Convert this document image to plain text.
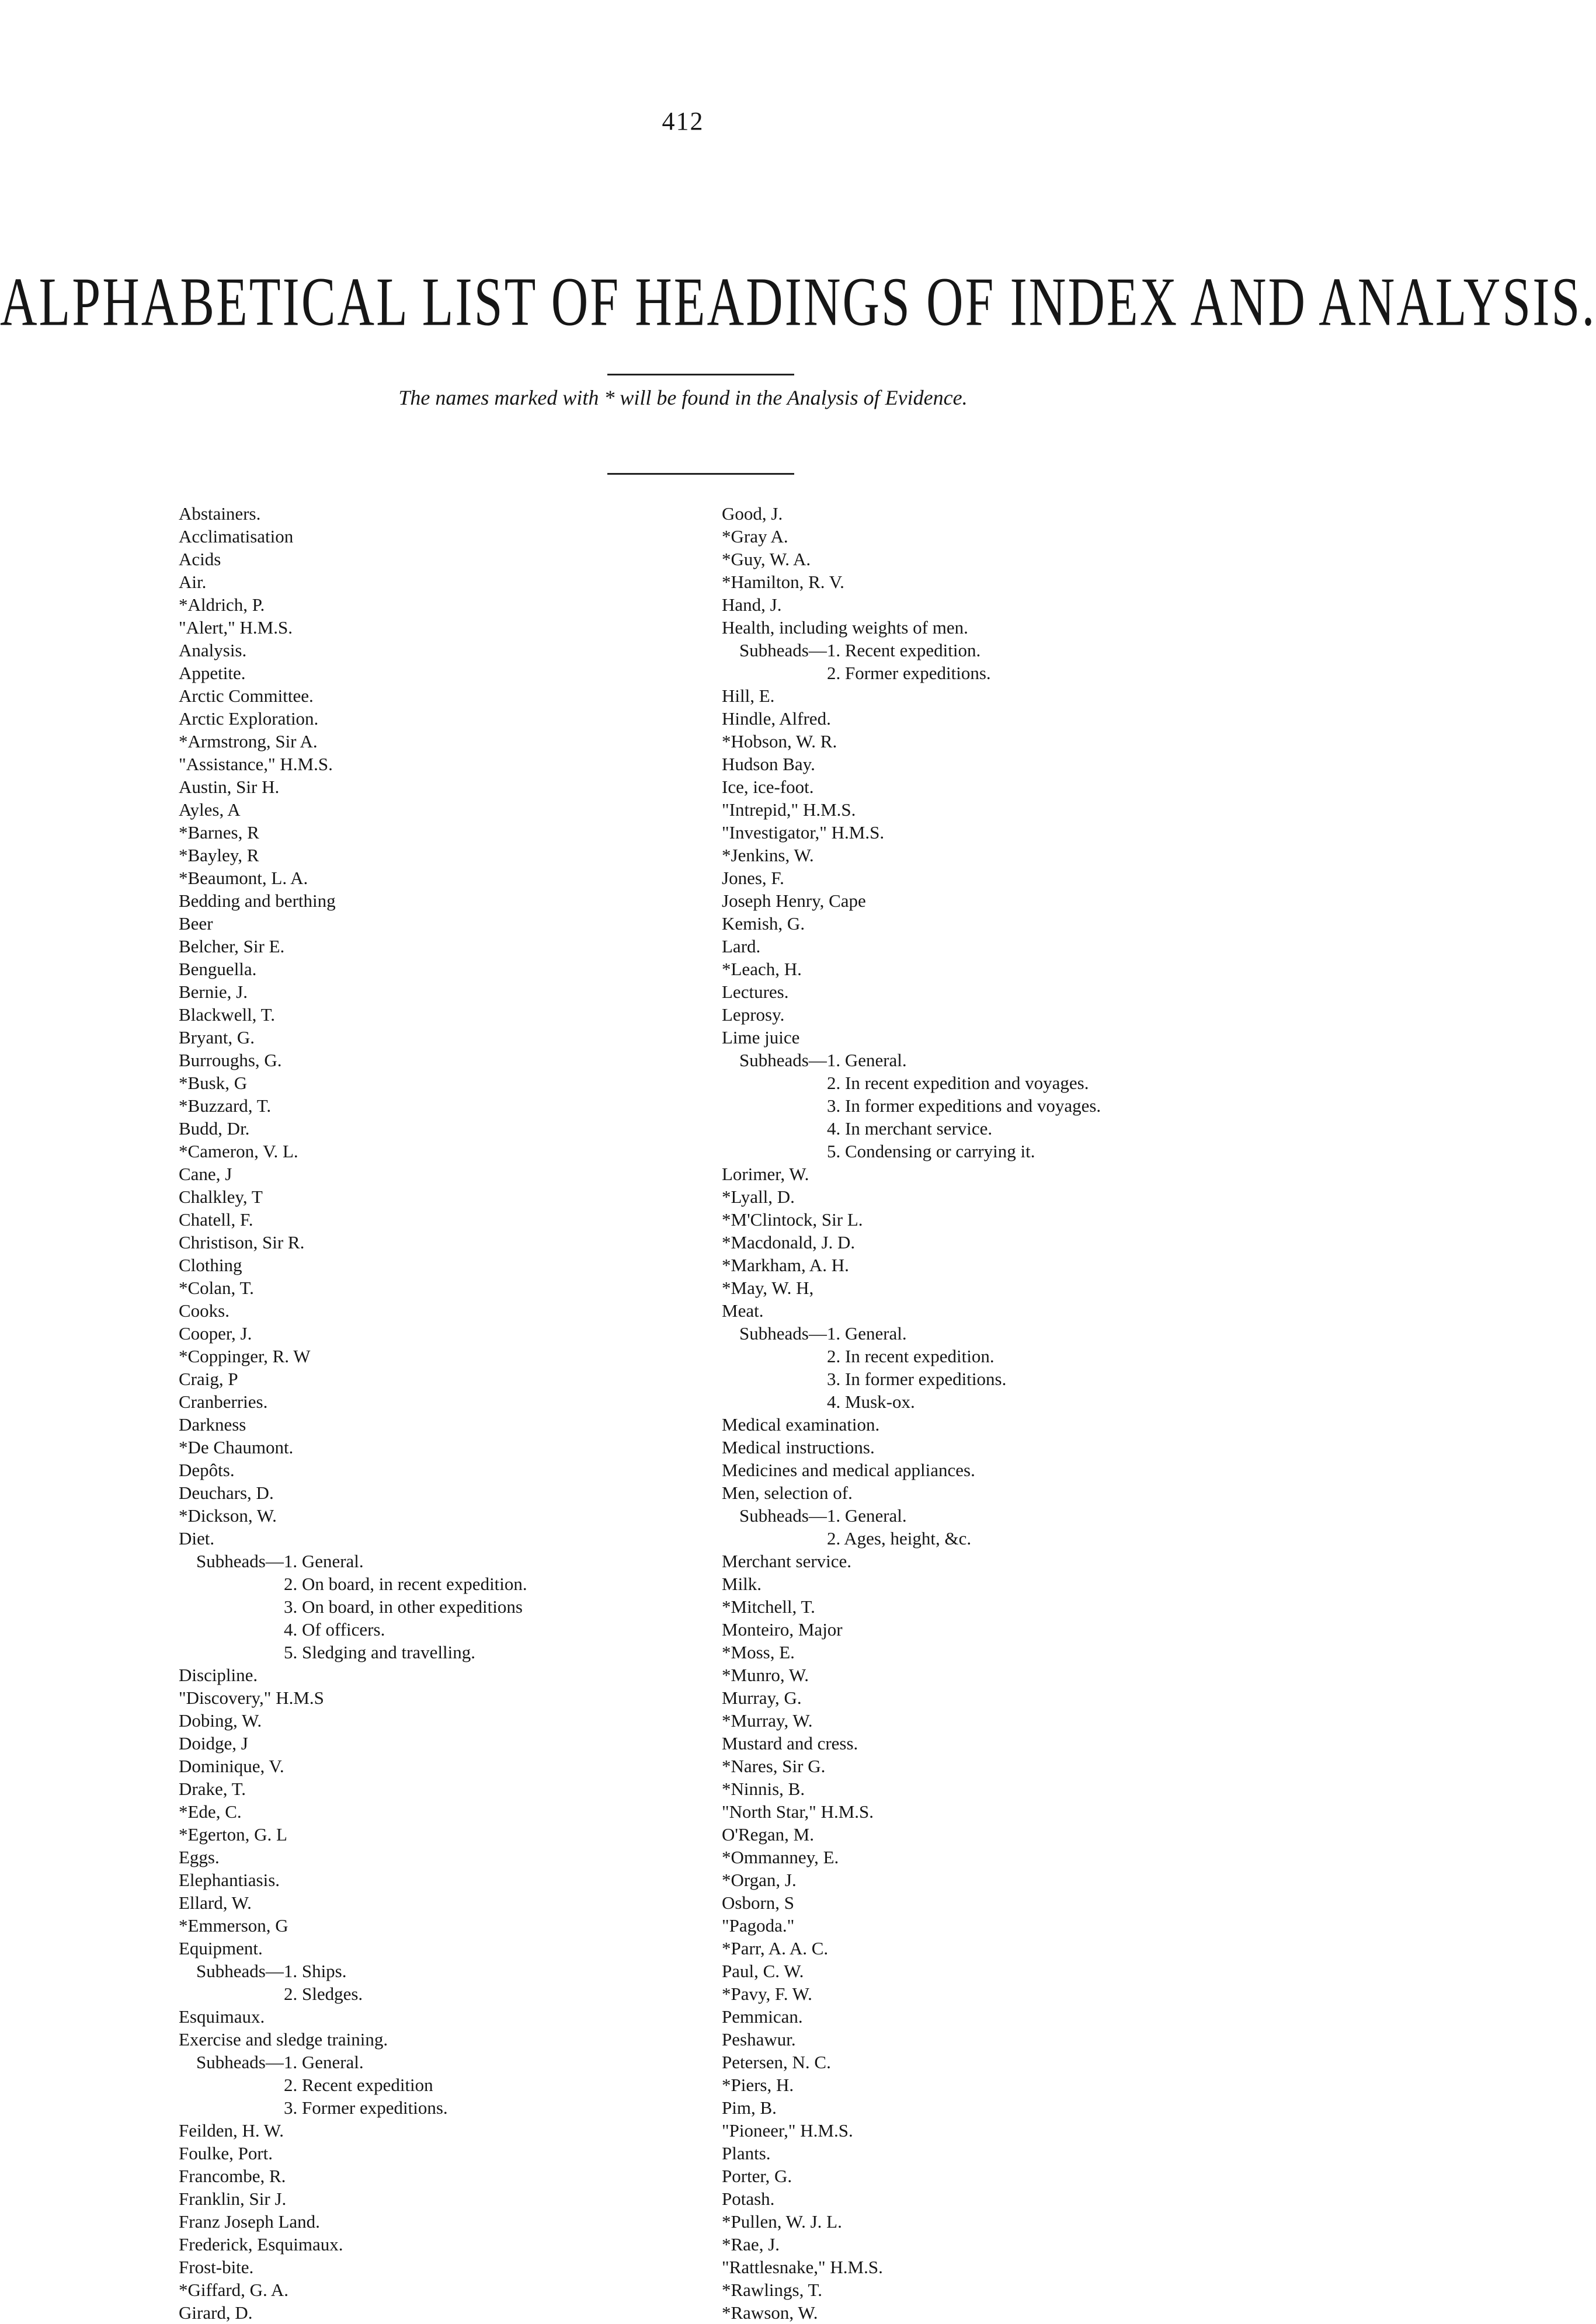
412
ALPHABETICAL LIST OF HEADINGS OF INDEX AND ANALYSIS.
The names marked with * will be found in the Analysis of Evidence.
Abstainers.
Acclimatisation
Acids
Air.
*Aldrich, P.
"Alert," H.M.S.
Analysis.
Appetite.
Arctic Committee.
Arctic Exploration.
*Armstrong, Sir A.
"Assistance," H.M.S.
Austin, Sir H.
Ayles, A
*Barnes, R
*Bayley, R
*Beaumont, L. A.
Bedding and berthing
Beer
Belcher, Sir E.
Benguella.
Bernie, J.
Blackwell, T.
Bryant, G.
Burroughs, G.
*Busk, G
*Buzzard, T.
Budd, Dr.
*Cameron, V. L.
Cane, J
Chalkley, T
Chatell, F.
Christison, Sir R.
Clothing
*Colan, T.
Cooks.
Cooper, J.
*Coppinger, R. W
Craig, P
Cranberries.
Darkness
*De Chaumont.
Depôts.
Deuchars, D.
*Dickson, W.
Diet.
Subheads—1. General.
2. On board, in recent expedition.
3. On board, in other expeditions
4. Of officers.
5. Sledging and travelling.
Discipline.
"Discovery," H.M.S
Dobing, W.
Doidge, J
Dominique, V.
Drake, T.
*Ede, C.
*Egerton, G. L
Eggs.
Elephantiasis.
Ellard, W.
*Emmerson, G
Equipment.
Subheads—1. Ships.
2. Sledges.
Esquimaux.
Exercise and sledge training.
Subheads—1. General.
2. Recent expedition
3. Former expeditions.
Feilden, H. W.
Foulke, Port.
Francombe, R.
Franklin, Sir J.
Franz Joseph Land.
Frederick, Esquimaux.
Frost-bite.
*Giffard, G. A.
Girard, D.
Good, J.
*Gray A.
*Guy, W. A.
*Hamilton, R. V.
Hand, J.
Health, including weights of men.
Subheads—1. Recent expedition.
2. Former expeditions.
Hill, E.
Hindle, Alfred.
*Hobson, W. R.
Hudson Bay.
Ice, ice-foot.
"Intrepid," H.M.S.
"Investigator," H.M.S.
*Jenkins, W.
Jones, F.
Joseph Henry, Cape
Kemish, G.
Lard.
*Leach, H.
Lectures.
Leprosy.
Lime juice
Subheads—1. General.
2. In recent expedition and voyages.
3. In former expeditions and voyages.
4. In merchant service.
5. Condensing or carrying it.
Lorimer, W.
*Lyall, D.
*M'Clintock, Sir L.
*Macdonald, J. D.
*Markham, A. H.
*May, W. H,
Meat.
Subheads—1. General.
2. In recent expedition.
3. In former expeditions.
4. Musk-ox.
Medical examination.
Medical instructions.
Medicines and medical appliances.
Men, selection of.
Subheads—1. General.
2. Ages, height, &c.
Merchant service.
Milk.
*Mitchell, T.
Monteiro, Major
*Moss, E.
*Munro, W.
Murray, G.
*Murray, W.
Mustard and cress.
*Nares, Sir G.
*Ninnis, B.
"North Star," H.M.S.
O'Regan, M.
*Ommanney, E.
*Organ, J.
Osborn, S
"Pagoda."
*Parr, A. A. C.
Paul, C. W.
*Pavy, F. W.
Pemmican.
Peshawur.
Petersen, N. C.
*Piers, H.
Pim, B.
"Pioneer," H.M.S.
Plants.
Porter, G.
Potash.
*Pullen, W. J. L.
*Rae, J.
"Rattlesnake," H.M.S.
*Rawlings, T.
*Rawson, W.
